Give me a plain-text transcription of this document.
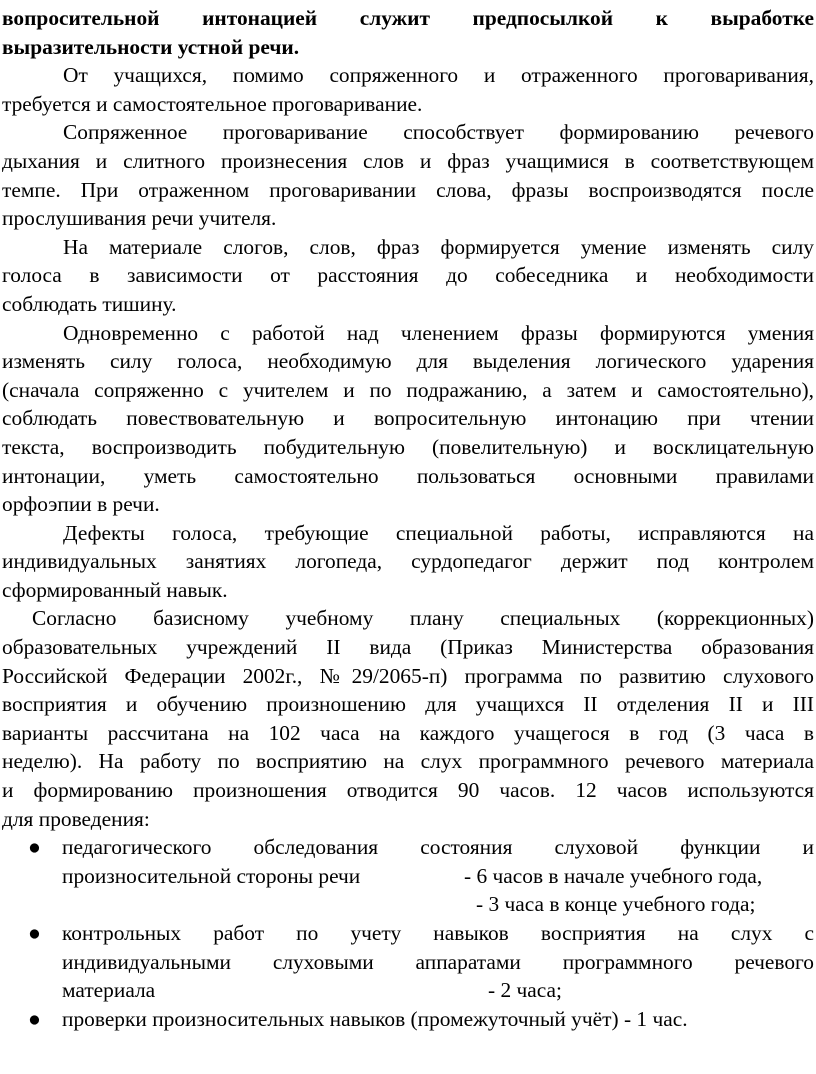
вопросительной интонацией служит предпосылкой к выработке
выразительности устной речи.
От учащихся, помимо сопряженного и отраженного проговаривания,
требуется и самостоятельное проговаривание.
Сопряженное проговаривание способствует формированию речевого
дыхания и слитного произнесения слов и фраз учащимися в соответствующем
темпе. При отраженном проговаривании слова, фразы воспроизводятся после
прослушивания речи учителя.
На материале слогов, слов, фраз формируется умение изменять силу
голоса в зависимости от расстояния до собеседника и необходимости
соблюдать тишину.
Одновременно с работой над членением фразы формируются умения
изменять силу голоса, необходимую для выделения логического ударения
(сначала сопряженно с учителем и по подражанию, а затем и самостоятельно),
соблюдать повествовательную и вопросительную интонацию при чтении
текста, воспроизводить побудительную (повелительную) и восклицательную
интонации, уметь самостоятельно пользоваться основными правилами
орфоэпии в речи.
Дефекты голоса, требующие специальной работы, исправляются на
индивидуальных занятиях логопеда, сурдопедагог держит под контролем
сформированный навык.
Согласно базисному учебному плану специальных (коррекционных)
образовательных учреждений II вида (Приказ Министерства образования
Российской Федерации 2002г., №29/2065-п) программа по развитию слухового
восприятия и обучению произношению для учащихся II отделения II и III
варианты рассчитана на 102 часа на каждого учащегося в год (3 часа в
неделю). На работу по восприятию на слух программного речевого материала
и формированию произношения отводится 90 часов. 12 часов используются
для проведения:
● педагогического обследования состояния слуховой функции и
произносительной стороны речи	- 6 часов в начале учебного года,
- 3 часа в конце учебного года;
● контрольных работ по учету навыков восприятия на слух с
индивидуальными слуховыми аппаратами программного речевого
материала	- 2 часа;
● проверки произносительных навыков (промежуточный учёт) - 1 час.
